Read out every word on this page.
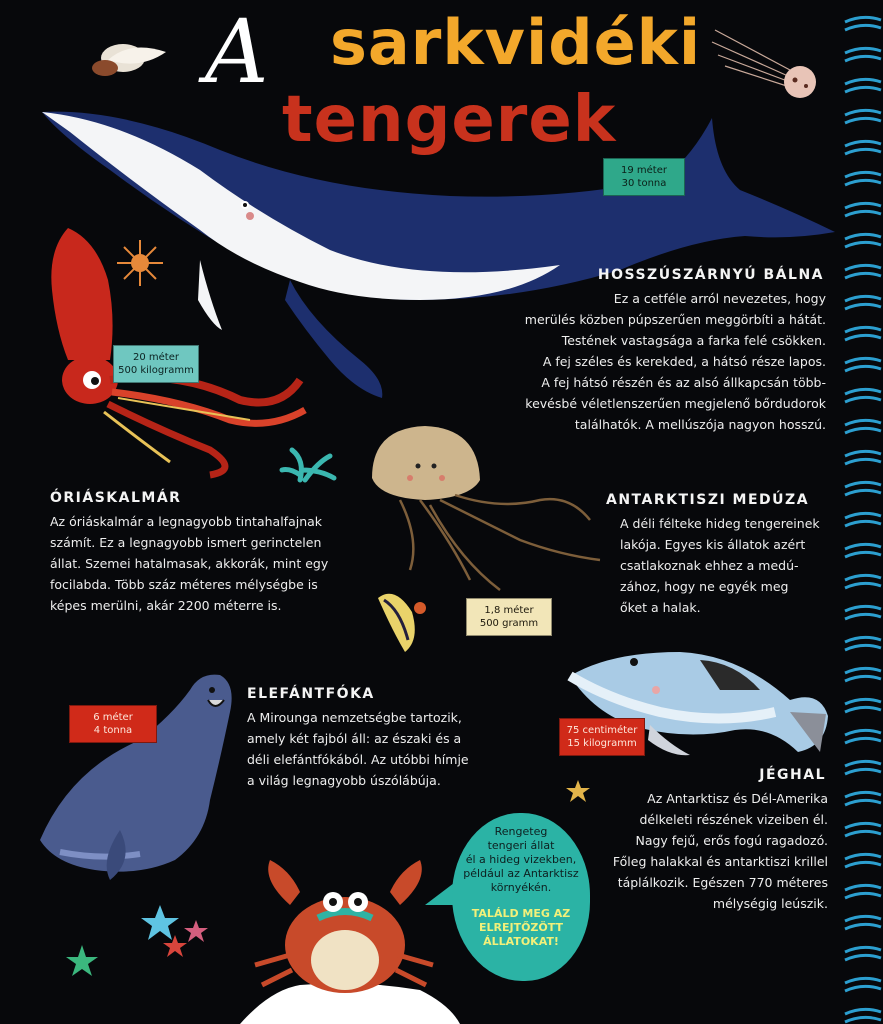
A sarkvidéki
tengerek
19 méter
30 tonna
20 méter
500 kilogramm
1,8 méter
500 gramm
6 méter
4 tonna	75 centiméter
15 kilogramm
HOSSZÚSZÁRNYÚ BÁLNA
Ez a cetféle arról nevezetes, hogy
merülés közben púpszerűen meggörbíti a hátát.
Testének vastagsága a farka felé csökken.
A fej széles és kerekded, a hátsó része lapos.
A fej hátsó részén és az alsó állkapcsán több-
kevésbé véletlenszerűen megjelenő bőrdudorok
találhatók. A mellúszója nagyon hosszú.
ÓRIÁSKALMÁR
Az óriáskalmár a legnagyobb tintahalfajnak
számít. Ez a legnagyobb ismert gerinctelen
állat. Szemei hatalmasak, akkorák, mint egy
focilabda. Több száz méteres mélységbe is
képes merülni, akár 2200 méterre is.
ANTARKTISZI MEDÚZA
A déli félteke hideg tengereinek
lakója. Egyes kis állatok azért
csatlakoznak ehhez a medú-
zához, hogy ne egyék meg
őket a halak.
ELEFÁNTFÓKA
A Mirounga nemzetségbe tartozik,
amely két fajból áll: az északi és a
déli elefántfókából. Az utóbbi hímje
a világ legnagyobb úszólábúja.	JÉGHAL
Az Antarktisz és Dél-Amerika
délkeleti részének vizeiben él.
Nagy fejű, erős fogú ragadozó.
Főleg halakkal és antarktiszi krillel
táplálkozik. Egészen 770 méteres
mélységig leúszik.
Rengeteg
tengeri állat
él a hideg vizekben,
például az Antarktisz
környékén.
TALÁLD MEG AZ
ELREJTŐZÖTT
ÁLLATOKAT!
